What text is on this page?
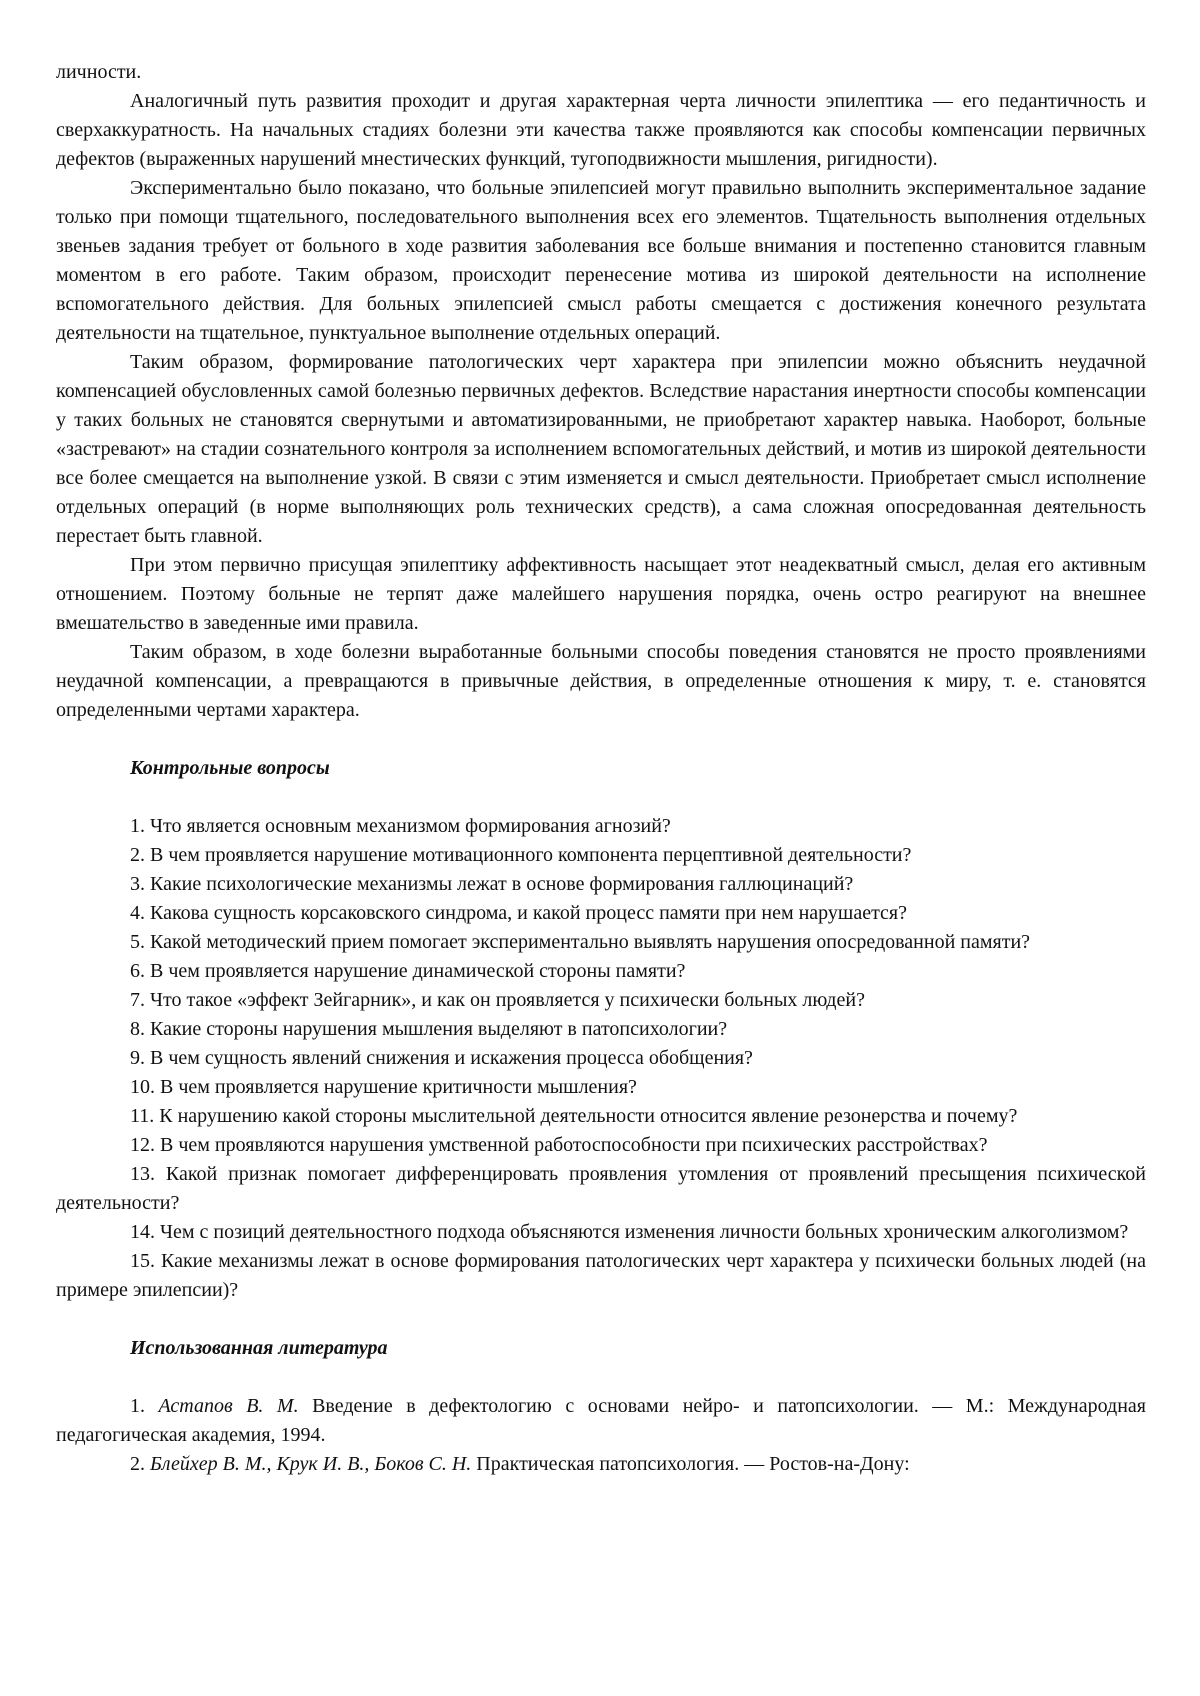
личности.

Аналогичный путь развития проходит и другая характерная черта личности эпилептика — его педантичность и сверхаккуратность. На начальных стадиях болезни эти качества также проявляются как способы компенсации первичных дефектов (выраженных нарушений мнестических функций, тугоподвижности мышления, ригидности).

Экспериментально было показано, что больные эпилепсией могут правильно выполнить экспериментальное задание только при помощи тщательного, последовательного выполнения всех его элементов. Тщательность выполнения отдельных звеньев задания требует от больного в ходе развития заболевания все больше внимания и постепенно становится главным моментом в его работе. Таким образом, происходит перенесение мотива из широкой деятельности на исполнение вспомогательного действия. Для больных эпилепсией смысл работы смещается с достижения конечного результата деятельности на тщательное, пунктуальное выполнение отдельных операций.

Таким образом, формирование патологических черт характера при эпилепсии можно объяснить неудачной компенсацией обусловленных самой болезнью первичных дефектов. Вследствие нарастания инертности способы компенсации у таких больных не становятся свернутыми и автоматизированными, не приобретают характер навыка. Наоборот, больные «застревают» на стадии сознательного контроля за исполнением вспомогательных действий, и мотив из широкой деятельности все более смещается на выполнение узкой. В связи с этим изменяется и смысл деятельности. Приобретает смысл исполнение отдельных операций (в норме выполняющих роль технических средств), а сама сложная опосредованная деятельность перестает быть главной.

При этом первично присущая эпилептику аффективность насыщает этот неадекватный смысл, делая его активным отношением. Поэтому больные не терпят даже малейшего нарушения порядка, очень остро реагируют на внешнее вмешательство в заведенные ими правила.

Таким образом, в ходе болезни выработанные больными способы поведения становятся не просто проявлениями неудачной компенсации, а превращаются в привычные действия, в определенные отношения к миру, т. е. становятся определенными чертами характера.

Контрольные вопросы
1. Что является основным механизмом формирования агнозий?
2. В чем проявляется нарушение мотивационного компонента перцептивной деятельности?
3. Какие психологические механизмы лежат в основе формирования галлюцинаций?
4. Какова сущность корсаковского синдрома, и какой процесс памяти при нем нарушается?
5. Какой методический прием помогает экспериментально выявлять нарушения опосредованной памяти?
6. В чем проявляется нарушение динамической стороны памяти?
7. Что такое «эффект Зейгарник», и как он проявляется у психически больных людей?
8. Какие стороны нарушения мышления выделяют в патопсихологии?
9. В чем сущность явлений снижения и искажения процесса обобщения?
10. В чем проявляется нарушение критичности мышления?
11. К нарушению какой стороны мыслительной деятельности относится явление резонерства и почему?
12. В чем проявляются нарушения умственной работоспособности при психических расстройствах?
13. Какой признак помогает дифференцировать проявления утомления от проявлений пресыщения психической деятельности?
14. Чем с позиций деятельностного подхода объясняются изменения личности больных хроническим алкоголизмом?
15. Какие механизмы лежат в основе формирования патологических черт характера у психически больных людей (на примере эпилепсии)?
Использованная литература
1. Астапов В. М. Введение в дефектологию с основами нейро- и патопсихологии. — М.: Международная педагогическая академия, 1994.
2. Блейхер В. М., Крук И. В., Боков С. Н. Практическая патопсихология. — Ростов-на-Дону:
